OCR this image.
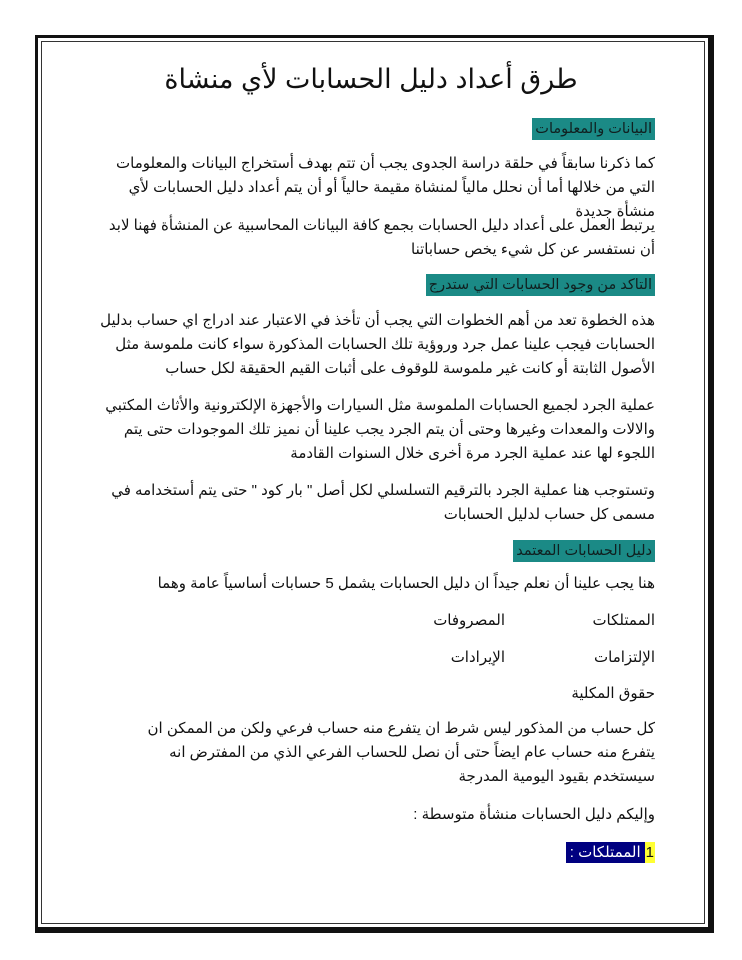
طرق أعداد دليل الحسابات لأي منشاة
البيانات والمعلومات
كما ذكرنا سابقاً في حلقة دراسة الجدوى يجب أن تتم بهدف أستخراج البيانات والمعلومات التي من خلالها أما أن نحلل مالياً لمنشاة مقيمة حالياً أو أن يتم أعداد دليل الحسابات لأي منشأة جديدة
يرتبط العمل على أعداد دليل الحسابات بجمع كافة البيانات المحاسبية عن المنشأة فهنا لابد أن نستفسر عن كل شيء يخص حساباتنا
التاكد من وجود الحسابات التي ستدرج
هذه الخطوة تعد من أهم الخطوات التي يجب أن تأخذ في الاعتبار عند ادراج اي حساب بدليل الحسابات فيجب علينا عمل جرد وروؤية تلك الحسابات المذكورة سواء كانت ملموسة مثل الأصول الثابتة أو كانت غير ملموسة للوقوف على أثبات القيم الحقيقة لكل حساب
عملية الجرد لجميع الحسابات الملموسة مثل السيارات والأجهزة الإلكترونية والأثاث المكتبي والالات والمعدات وغيرها وحتى أن يتم الجرد يجب علينا أن نميز تلك الموجودات حتى يتم اللجوء لها عند عملية الجرد مرة أخرى خلال السنوات القادمة
وتستوجب هنا عملية الجرد بالترقيم التسلسلي لكل أصل " بار كود " حتى يتم أستخدامه في مسمى كل حساب لدليل الحسابات
دليل الحسابات المعتمد
هنا يجب علينا أن نعلم جيداً ان دليل الحسابات يشمل 5 حسابات أساسياً عامة وهما
الممتلكات
المصروفات
الإلتزامات
الإيرادات
حقوق المكلية
كل حساب من المذكور ليس شرط ان يتفرع منه حساب فرعي ولكن من الممكن ان يتفرع منه حساب عام ايضاً حتى أن نصل للحساب الفرعي الذي من المفترض انه سيستخدم بقيود اليومية المدرجة
وإليكم دليل الحسابات منشأة متوسطة :
1
الممتلكات :
